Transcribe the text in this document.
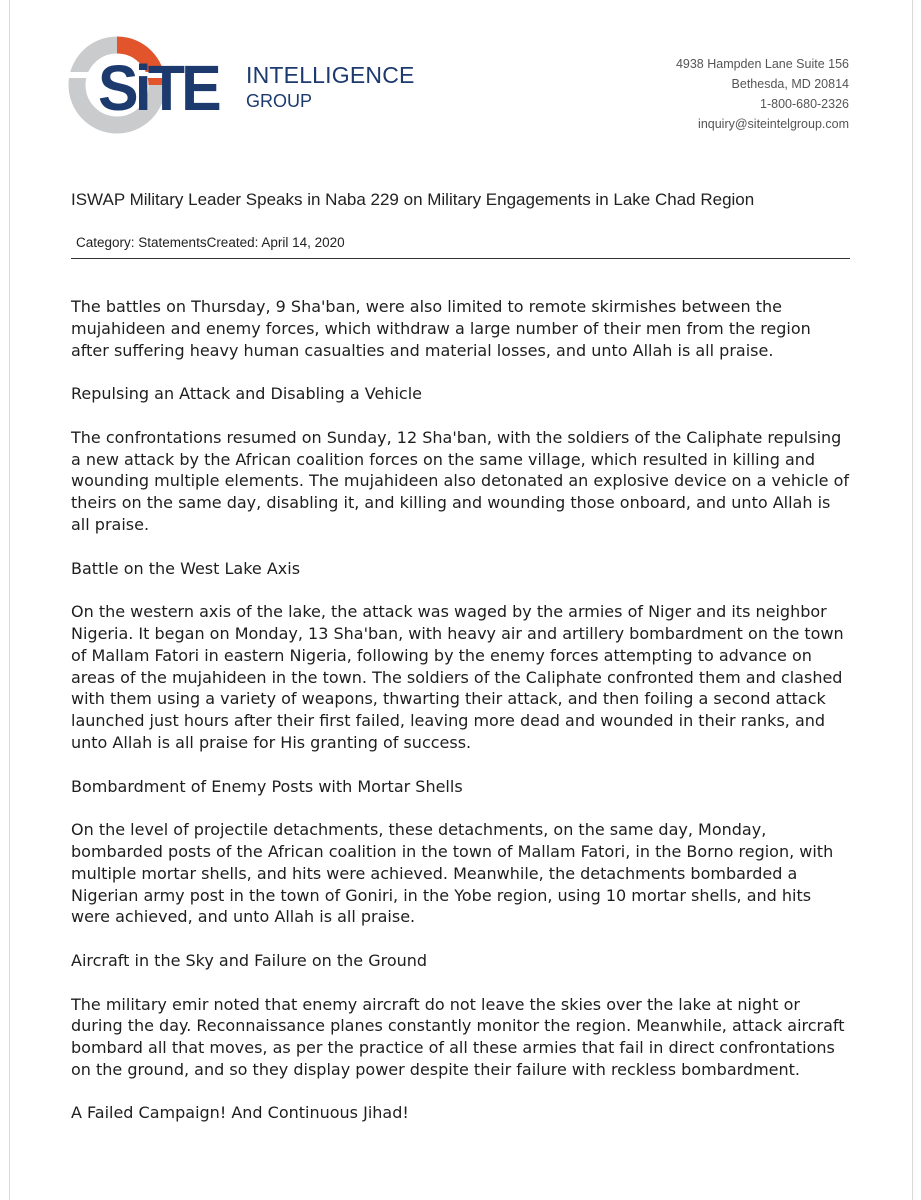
SiTE INTELLIGENCE
GROUP
4938 Hampden Lane Suite 156
Bethesda, MD 20814
1-800-680-2326
inquiry@siteintelgroup.com
ISWAP Military Leader Speaks in Naba 229 on Military Engagements in Lake Chad Region
Category: StatementsCreated: April 14, 2020

The battles on Thursday, 9 Sha'ban, were also limited to remote skirmishes between the mujahideen and enemy forces, which withdraw a large number of their men from the region after suffering heavy human casualties and material losses, and unto Allah is all praise.

Repulsing an Attack and Disabling a Vehicle

The confrontations resumed on Sunday, 12 Sha'ban, with the soldiers of the Caliphate repulsing a new attack by the African coalition forces on the same village, which resulted in killing and wounding multiple elements. The mujahideen also detonated an explosive device on a vehicle of theirs on the same day, disabling it, and killing and wounding those onboard, and unto Allah is all praise.

Battle on the West Lake Axis

On the western axis of the lake, the attack was waged by the armies of Niger and its neighbor Nigeria. It began on Monday, 13 Sha'ban, with heavy air and artillery bombardment on the town of Mallam Fatori in eastern Nigeria, following by the enemy forces attempting to advance on areas of the mujahideen in the town. The soldiers of the Caliphate confronted them and clashed with them using a variety of weapons, thwarting their attack, and then foiling a second attack launched just hours after their first failed, leaving more dead and wounded in their ranks, and unto Allah is all praise for His granting of success.

Bombardment of Enemy Posts with Mortar Shells

On the level of projectile detachments, these detachments, on the same day, Monday, bombarded posts of the African coalition in the town of Mallam Fatori, in the Borno region, with multiple mortar shells, and hits were achieved. Meanwhile, the detachments bombarded a Nigerian army post in the town of Goniri, in the Yobe region, using 10 mortar shells, and hits were achieved, and unto Allah is all praise.

Aircraft in the Sky and Failure on the Ground

The military emir noted that enemy aircraft do not leave the skies over the lake at night or during the day. Reconnaissance planes constantly monitor the region. Meanwhile, attack aircraft bombard all that moves, as per the practice of all these armies that fail in direct confrontations on the ground, and so they display power despite their failure with reckless bombardment.

A Failed Campaign! And Continuous Jihad!
